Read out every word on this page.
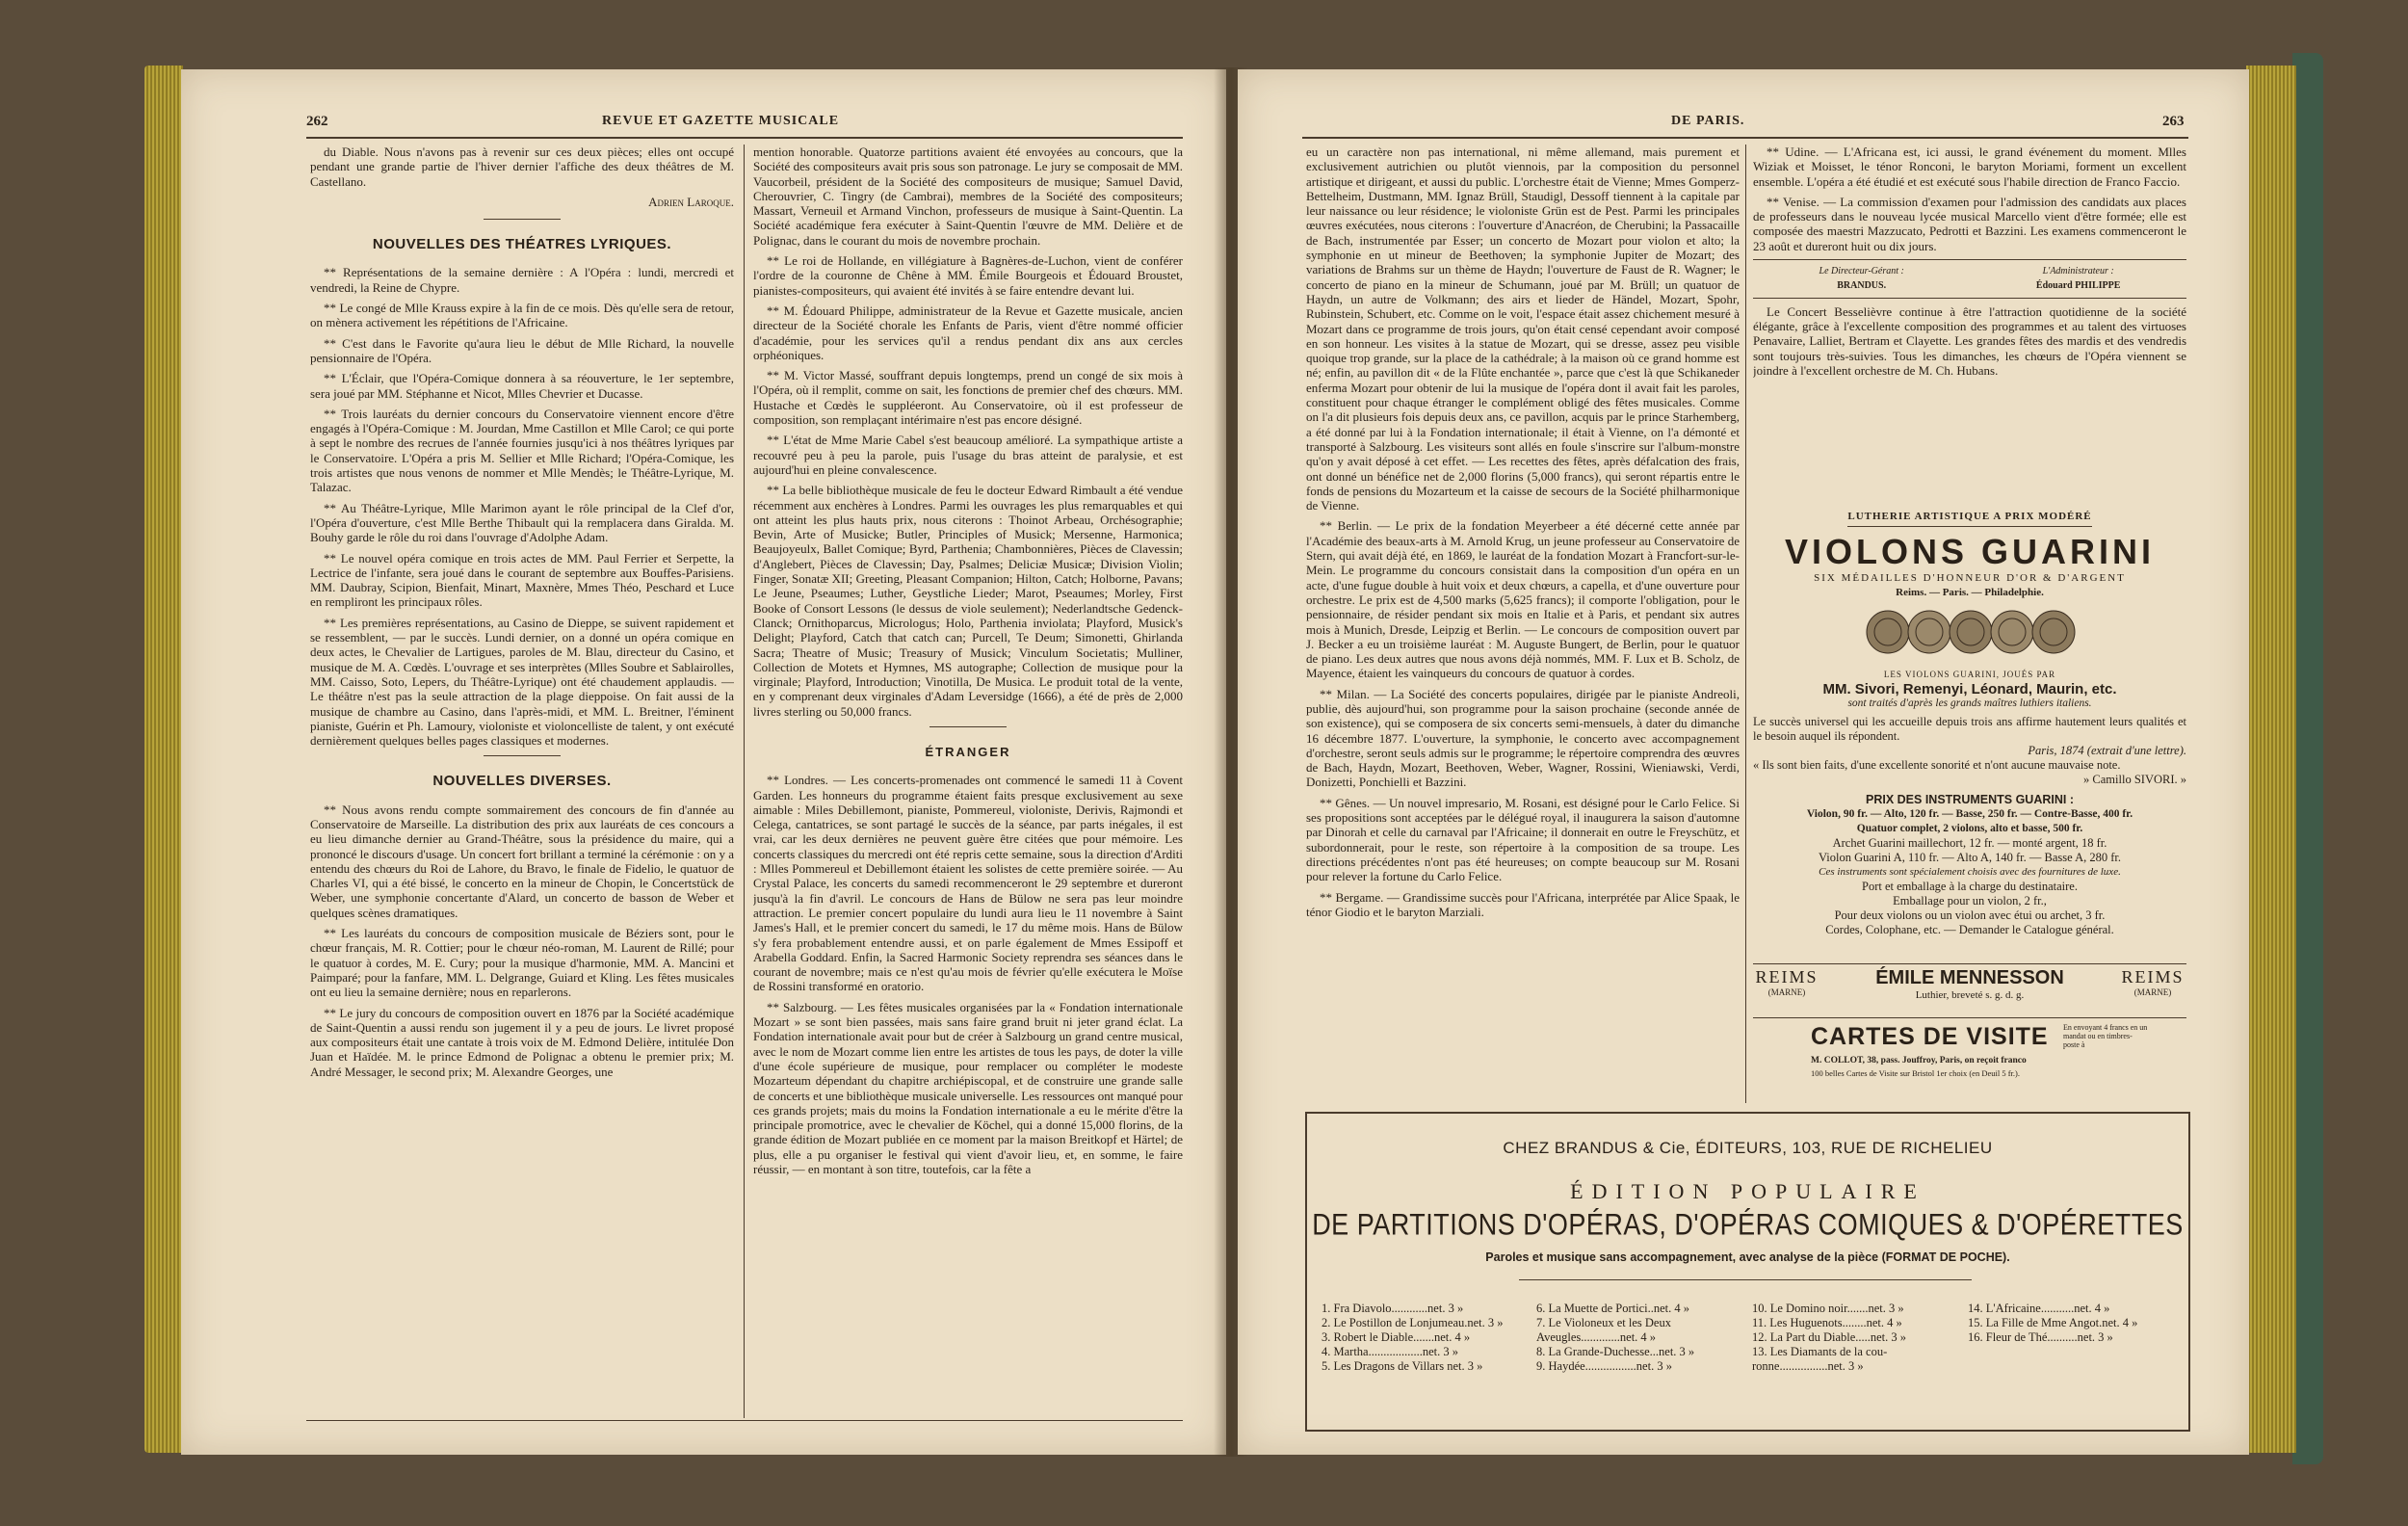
262	REVUE ET GAZETTE MUSICALE

du Diable. Nous n'avons pas à revenir sur ces deux pièces; elles ont occupé pendant une grande partie de l'hiver dernier l'affiche des deux théâtres de M. Castellano.

Adrien Laroque.
NOUVELLES DES THÉATRES LYRIQUES.

** Représentations de la semaine dernière : A l'Opéra : lundi, mercredi et vendredi, la Reine de Chypre.

** Le congé de Mlle Krauss expire à la fin de ce mois. Dès qu'elle sera de retour, on mènera activement les répétitions de l'Africaine.

** C'est dans le Favorite qu'aura lieu le début de Mlle Richard, la nouvelle pensionnaire de l'Opéra.

** L'Éclair, que l'Opéra-Comique donnera à sa réouverture, le 1er septembre, sera joué par MM. Stéphanne et Nicot, Mlles Chevrier et Ducasse.

** Trois lauréats du dernier concours du Conservatoire viennent encore d'être engagés à l'Opéra-Comique : M. Jourdan, Mme Castillon et Mlle Carol; ce qui porte à sept le nombre des recrues de l'année fournies jusqu'ici à nos théâtres lyriques par le Conservatoire. L'Opéra a pris M. Sellier et Mlle Richard; l'Opéra-Comique, les trois artistes que nous venons de nommer et Mlle Mendès; le Théâtre-Lyrique, M. Talazac.

** Au Théâtre-Lyrique, Mlle Marimon ayant le rôle principal de la Clef d'or, l'Opéra d'ouverture, c'est Mlle Berthe Thibault qui la remplacera dans Giralda. M. Bouhy garde le rôle du roi dans l'ouvrage d'Adolphe Adam.

** Le nouvel opéra comique en trois actes de MM. Paul Ferrier et Serpette, la Lectrice de l'infante, sera joué dans le courant de septembre aux Bouffes-Parisiens. MM. Daubray, Scipion, Bienfait, Minart, Maxnère, Mmes Théo, Peschard et Luce en rempliront les principaux rôles.

** Les premières représentations, au Casino de Dieppe, se suivent rapidement et se ressemblent, — par le succès. Lundi dernier, on a donné un opéra comique en deux actes, le Chevalier de Lartigues, paroles de M. Blau, directeur du Casino, et musique de M. A. Cœdès. L'ouvrage et ses interprètes (Mlles Soubre et Sablairolles, MM. Caisso, Soto, Lepers, du Théâtre-Lyrique) ont été chaudement applaudis. — Le théâtre n'est pas la seule attraction de la plage dieppoise. On fait aussi de la musique de chambre au Casino, dans l'après-midi, et MM. L. Breitner, l'éminent pianiste, Guérin et Ph. Lamoury, violoniste et violoncelliste de talent, y ont exécuté dernièrement quelques belles pages classiques et modernes.

NOUVELLES DIVERSES.

** Nous avons rendu compte sommairement des concours de fin d'année au Conservatoire de Marseille. La distribution des prix aux lauréats de ces concours a eu lieu dimanche dernier au Grand-Théâtre, sous la présidence du maire, qui a prononcé le discours d'usage. Un concert fort brillant a terminé la cérémonie : on y a entendu des chœurs du Roi de Lahore, du Bravo, le finale de Fidelio, le quatuor de Charles VI, qui a été bissé, le concerto en la mineur de Chopin, le Concertstück de Weber, une symphonie concertante d'Alard, un concerto de basson de Weber et quelques scènes dramatiques.

** Les lauréats du concours de composition musicale de Béziers sont, pour le chœur français, M. R. Cottier; pour le chœur néo-roman, M. Laurent de Rillé; pour le quatuor à cordes, M. E. Cury; pour la musique d'harmonie, MM. A. Mancini et Paimparé; pour la fanfare, MM. L. Delgrange, Guiard et Kling. Les fêtes musicales ont eu lieu la semaine dernière; nous en reparlerons.

** Le jury du concours de composition ouvert en 1876 par la Société académique de Saint-Quentin a aussi rendu son jugement il y a peu de jours. Le livret proposé aux compositeurs était une cantate à trois voix de M. Edmond Delière, intitulée Don Juan et Haïdée. M. le prince Edmond de Polignac a obtenu le premier prix; M. André Messager, le second prix; M. Alexandre Georges, une

mention honorable. Quatorze partitions avaient été envoyées au concours, que la Société des compositeurs avait pris sous son patronage. Le jury se composait de MM. Vaucorbeil, président de la Société des compositeurs de musique; Samuel David, Cherouvrier, C. Tingry (de Cambrai), membres de la Société des compositeurs; Massart, Verneuil et Armand Vinchon, professeurs de musique à Saint-Quentin. La Société académique fera exécuter à Saint-Quentin l'œuvre de MM. Delière et de Polignac, dans le courant du mois de novembre prochain.

** Le roi de Hollande, en villégiature à Bagnères-de-Luchon, vient de conférer l'ordre de la couronne de Chêne à MM. Émile Bourgeois et Édouard Broustet, pianistes-compositeurs, qui avaient été invités à se faire entendre devant lui.

** M. Édouard Philippe, administrateur de la Revue et Gazette musicale, ancien directeur de la Société chorale les Enfants de Paris, vient d'être nommé officier d'académie, pour les services qu'il a rendus pendant dix ans aux cercles orphéoniques.

** M. Victor Massé, souffrant depuis longtemps, prend un congé de six mois à l'Opéra, où il remplit, comme on sait, les fonctions de premier chef des chœurs. MM. Hustache et Cœdès le suppléeront. Au Conservatoire, où il est professeur de composition, son remplaçant intérimaire n'est pas encore désigné.

** L'état de Mme Marie Cabel s'est beaucoup amélioré. La sympathique artiste a recouvré peu à peu la parole, puis l'usage du bras atteint de paralysie, et est aujourd'hui en pleine convalescence.

** La belle bibliothèque musicale de feu le docteur Edward Rimbault a été vendue récemment aux enchères à Londres. Parmi les ouvrages les plus remarquables et qui ont atteint les plus hauts prix, nous citerons : Thoinot Arbeau, Orchésographie; Bevin, Arte of Musicke; Butler, Principles of Musick; Mersenne, Harmonica; Beaujoyeulx, Ballet Comique; Byrd, Parthenia; Chambonnières, Pièces de Clavessin; d'Anglebert, Pièces de Clavessin; Day, Psalmes; Deliciæ Musicæ; Division Violin; Finger, Sonatæ XII; Greeting, Pleasant Companion; Hilton, Catch; Holborne, Pavans; Le Jeune, Pseaumes; Luther, Geystliche Lieder; Marot, Pseaumes; Morley, First Booke of Consort Lessons (le dessus de viole seulement); Nederlandtsche Gedenck-Clanck; Ornithoparcus, Micrologus; Holo, Parthenia inviolata; Playford, Musick's Delight; Playford, Catch that catch can; Purcell, Te Deum; Simonetti, Ghirlanda Sacra; Theatre of Music; Treasury of Musick; Vinculum Societatis; Mulliner, Collection de Motets et Hymnes, MS autographe; Collection de musique pour la virginale; Playford, Introduction; Vinotilla, De Musica. Le produit total de la vente, en y comprenant deux virginales d'Adam Leversidge (1666), a été de près de 2,000 livres sterling ou 50,000 francs.

ÉTRANGER

** Londres. — Les concerts-promenades ont commencé le samedi 11 à Covent Garden. Les honneurs du programme étaient faits presque exclusivement au sexe aimable : Miles Debillemont, pianiste, Pommereul, violoniste, Derivis, Rajmondi et Celega, cantatrices, se sont partagé le succès de la séance, par parts inégales, il est vrai, car les deux dernières ne peuvent guère être citées que pour mémoire. Les concerts classiques du mercredi ont été repris cette semaine, sous la direction d'Arditi : Mlles Pommereul et Debillemont étaient les solistes de cette première soirée. — Au Crystal Palace, les concerts du samedi recommenceront le 29 septembre et dureront jusqu'à la fin d'avril. Le concours de Hans de Bülow ne sera pas leur moindre attraction. Le premier concert populaire du lundi aura lieu le 11 novembre à Saint James's Hall, et le premier concert du samedi, le 17 du même mois. Hans de Bülow s'y fera probablement entendre aussi, et on parle également de Mmes Essipoff et Arabella Goddard. Enfin, la Sacred Harmonic Society reprendra ses séances dans le courant de novembre; mais ce n'est qu'au mois de février qu'elle exécutera le Moïse de Rossini transformé en oratorio.

** Salzbourg. — Les fêtes musicales organisées par la « Fondation internationale Mozart » se sont bien passées, mais sans faire grand bruit ni jeter grand éclat. La Fondation internationale avait pour but de créer à Salzbourg un grand centre musical, avec le nom de Mozart comme lien entre les artistes de tous les pays, de doter la ville d'une école supérieure de musique, pour remplacer ou compléter le modeste Mozarteum dépendant du chapitre archiépiscopal, et de construire une grande salle de concerts et une bibliothèque musicale universelle. Les ressources ont manqué pour ces grands projets; mais du moins la Fondation internationale a eu le mérite d'être la principale promotrice, avec le chevalier de Köchel, qui a donné 15,000 florins, de la grande édition de Mozart publiée en ce moment par la maison Breitkopf et Härtel; de plus, elle a pu organiser le festival qui vient d'avoir lieu, et, en somme, le faire réussir, — en montant à son titre, toutefois, car la fête a

DE PARIS.	263

eu un caractère non pas international, ni même allemand, mais purement et exclusivement autrichien ou plutôt viennois, par la composition du personnel artistique et dirigeant, et aussi du public. L'orchestre était de Vienne; Mmes Gomperz-Bettelheim, Dustmann, MM. Ignaz Brüll, Staudigl, Dessoff tiennent à la capitale par leur naissance ou leur résidence; le violoniste Grün est de Pest. Parmi les principales œuvres exécutées, nous citerons : l'ouverture d'Anacréon, de Cherubini; la Passacaille de Bach, instrumentée par Esser; un concerto de Mozart pour violon et alto; la symphonie en ut mineur de Beethoven; la symphonie Jupiter de Mozart; des variations de Brahms sur un thème de Haydn; l'ouverture de Faust de R. Wagner; le concerto de piano en la mineur de Schumann, joué par M. Brüll; un quatuor de Haydn, un autre de Volkmann; des airs et lieder de Händel, Mozart, Spohr, Rubinstein, Schubert, etc. Comme on le voit, l'espace était assez chichement mesuré à Mozart dans ce programme de trois jours, qu'on était censé cependant avoir composé en son honneur. Les visites à la statue de Mozart, qui se dresse, assez peu visible quoique trop grande, sur la place de la cathédrale; à la maison où ce grand homme est né; enfin, au pavillon dit « de la Flûte enchantée », parce que c'est là que Schikaneder enferma Mozart pour obtenir de lui la musique de l'opéra dont il avait fait les paroles, constituent pour chaque étranger le complément obligé des fêtes musicales. Comme on l'a dit plusieurs fois depuis deux ans, ce pavillon, acquis par le prince Starhemberg, a été donné par lui à la Fondation internationale; il était à Vienne, on l'a démonté et transporté à Salzbourg. Les visiteurs sont allés en foule s'inscrire sur l'album-monstre qu'on y avait déposé à cet effet. — Les recettes des fêtes, après défalcation des frais, ont donné un bénéfice net de 2,000 florins (5,000 francs), qui seront répartis entre le fonds de pensions du Mozarteum et la caisse de secours de la Société philharmonique de Vienne.

** Berlin. — Le prix de la fondation Meyerbeer a été décerné cette année par l'Académie des beaux-arts à M. Arnold Krug, un jeune professeur au Conservatoire de Stern, qui avait déjà été, en 1869, le lauréat de la fondation Mozart à Francfort-sur-le-Mein. Le programme du concours consistait dans la composition d'un opéra en un acte, d'une fugue double à huit voix et deux chœurs, a capella, et d'une ouverture pour orchestre. Le prix est de 4,500 marks (5,625 francs); il comporte l'obligation, pour le pensionnaire, de résider pendant six mois en Italie et à Paris, et pendant six autres mois à Munich, Dresde, Leipzig et Berlin. — Le concours de composition ouvert par J. Becker a eu un troisième lauréat : M. Auguste Bungert, de Berlin, pour le quatuor de piano. Les deux autres que nous avons déjà nommés, MM. F. Lux et B. Scholz, de Mayence, étaient les vainqueurs du concours de quatuor à cordes.

** Milan. — La Société des concerts populaires, dirigée par le pianiste Andreoli, publie, dès aujourd'hui, son programme pour la saison prochaine (seconde année de son existence), qui se composera de six concerts semi-mensuels, à dater du dimanche 16 décembre 1877. L'ouverture, la symphonie, le concerto avec accompagnement d'orchestre, seront seuls admis sur le programme; le répertoire comprendra des œuvres de Bach, Haydn, Mozart, Beethoven, Weber, Wagner, Rossini, Wieniawski, Verdi, Donizetti, Ponchielli et Bazzini.

** Gênes. — Un nouvel impresario, M. Rosani, est désigné pour le Carlo Felice. Si ses propositions sont acceptées par le délégué royal, il inaugurera la saison d'automne par Dinorah et celle du carnaval par l'Africaine; il donnerait en outre le Freyschütz, et subordonnerait, pour le reste, son répertoire à la composition de sa troupe. Les directions précédentes n'ont pas été heureuses; on compte beaucoup sur M. Rosani pour relever la fortune du Carlo Felice.

** Bergame. — Grandissime succès pour l'Africana, interprétée par Alice Spaak, le ténor Giodio et le baryton Marziali.

** Udine. — L'Africana est, ici aussi, le grand événement du moment. Mlles Wiziak et Moisset, le ténor Ronconi, le baryton Moriami, forment un excellent ensemble. L'opéra a été étudié et est exécuté sous l'habile direction de Franco Faccio.

** Venise. — La commission d'examen pour l'admission des candidats aux places de professeurs dans le nouveau lycée musical Marcello vient d'être formée; elle est composée des maestri Mazzucato, Pedrotti et Bazzini. Les examens commenceront le 23 août et dureront huit ou dix jours.

Le Directeur-Gérant :
BRANDUS.
L'Administrateur :
Édouard PHILIPPE

Le Concert Besselièvre continue à être l'attraction quotidienne de la société élégante, grâce à l'excellente composition des programmes et au talent des virtuoses Penavaire, Lalliet, Bertram et Clayette. Les grandes fêtes des mardis et des vendredis sont toujours très-suivies. Tous les dimanches, les chœurs de l'Opéra viennent se joindre à l'excellent orchestre de M. Ch. Hubans.

LUTHERIE ARTISTIQUE A PRIX MODÉRÉ
VIOLONS GUARINI
SIX MÉDAILLES D'HONNEUR D'OR & D'ARGENT
Reims. — Paris. — Philadelphie.
LES VIOLONS GUARINI, JOUÉS PAR
MM. Sivori, Remenyi, Léonard, Maurin, etc.
sont traités d'après les grands maîtres luthiers italiens.
Le succès universel qui les accueille depuis trois ans affirme hautement leurs qualités et le besoin auquel ils répondent.
Paris, 1874 (extrait d'une lettre).
« Ils sont bien faits, d'une excellente sonorité et n'ont aucune mauvaise note.
» Camillo SIVORI. »
PRIX DES INSTRUMENTS GUARINI :
Violon, 90 fr. — Alto, 120 fr. — Basse, 250 fr. — Contre-Basse, 400 fr.
Quatuor complet, 2 violons, alto et basse, 500 fr.
Archet Guarini maillechort, 12 fr. — monté argent, 18 fr.
Violon Guarini A, 110 fr. — Alto A, 140 fr. — Basse A, 280 fr.
Ces instruments sont spécialement choisis avec des fournitures de luxe.
Port et emballage à la charge du destinataire.
Emballage pour un violon, 2 fr.,
Pour deux violons ou un violon avec étui ou archet, 3 fr.
Cordes, Colophane, etc. — Demander le Catalogue général.
REIMS
(MARNE)
ÉMILE MENNESSON
Luthier, breveté s. g. d. g.
REIMS
(MARNE)
CARTES DE VISITE	En envoyant 4 francs en un mandat ou en timbres-poste à
M. COLLOT, 38, pass. Jouffroy, Paris, on reçoit franco
100 belles Cartes de Visite sur Bristol 1er choix (en Deuil 5 fr.).
CHEZ BRANDUS & Cie, ÉDITEURS, 103, RUE DE RICHELIEU
ÉDITION POPULAIRE
DE PARTITIONS D'OPÉRAS, D'OPÉRAS COMIQUES & D'OPÉRETTES
Paroles et musique sans accompagnement, avec analyse de la pièce (FORMAT DE POCHE).
1. Fra Diavolo............net. 3 »
2. Le Postillon de Lonjumeau.net. 3 »
3. Robert le Diable.......net. 4 »
4. Martha..................net. 3 »
5. Les Dragons de Villars net. 3 »
6. La Muette de Portici..net. 4 »
7. Le Violoneux et les Deux
Aveugles.............net. 4 »
8. La Grande-Duchesse...net. 3 »
9. Haydée.................net. 3 »
10. Le Domino noir.......net. 3 »
11. Les Huguenots........net. 4 »
12. La Part du Diable.....net. 3 »
13. Les Diamants de la cou-
ronne................net. 3 »
14. L'Africaine...........net. 4 »
15. La Fille de Mme Angot.net. 4 »
16. Fleur de Thé..........net. 3 »
